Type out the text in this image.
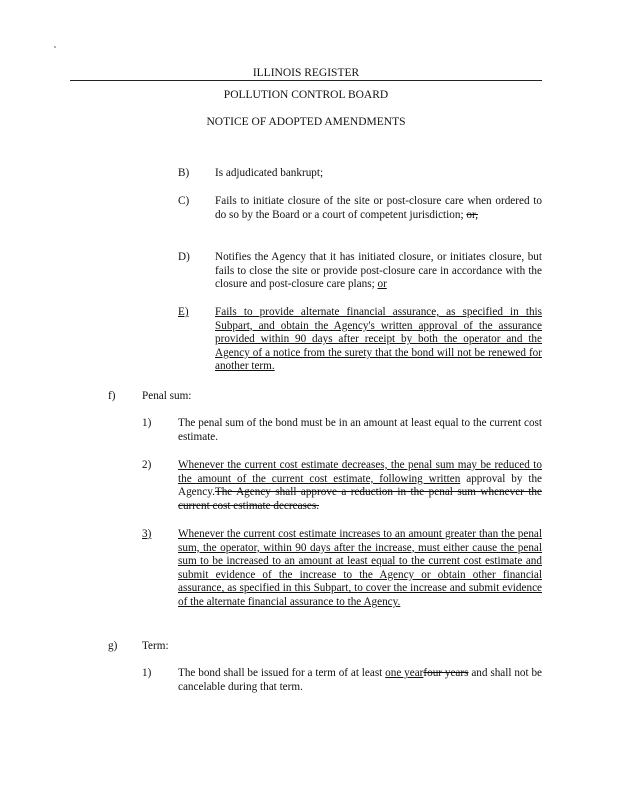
ILLINOIS REGISTER
POLLUTION CONTROL BOARD
NOTICE OF ADOPTED AMENDMENTS
B) Is adjudicated bankrupt;
C) Fails to initiate closure of the site or post-closure care when ordered to do so by the Board or a court of competent jurisdiction; or,
D) Notifies the Agency that it has initiated closure, or initiates closure, but fails to close the site or provide post-closure care in accordance with the closure and post-closure care plans; or
E) Fails to provide alternate financial assurance, as specified in this Subpart, and obtain the Agency's written approval of the assurance provided within 90 days after receipt by both the operator and the Agency of a notice from the surety that the bond will not be renewed for another term.
f) Penal sum:
1) The penal sum of the bond must be in an amount at least equal to the current cost estimate.
2) Whenever the current cost estimate decreases, the penal sum may be reduced to the amount of the current cost estimate, following written approval by the Agency.The Agency shall approve a reduction in the penal sum whenever the current cost estimate decreases.
3) Whenever the current cost estimate increases to an amount greater than the penal sum, the operator, within 90 days after the increase, must either cause the penal sum to be increased to an amount at least equal to the current cost estimate and submit evidence of the increase to the Agency or obtain other financial assurance, as specified in this Subpart, to cover the increase and submit evidence of the alternate financial assurance to the Agency.
g) Term:
1) The bond shall be issued for a term of at least one yearfour years and shall not be cancelable during that term.
